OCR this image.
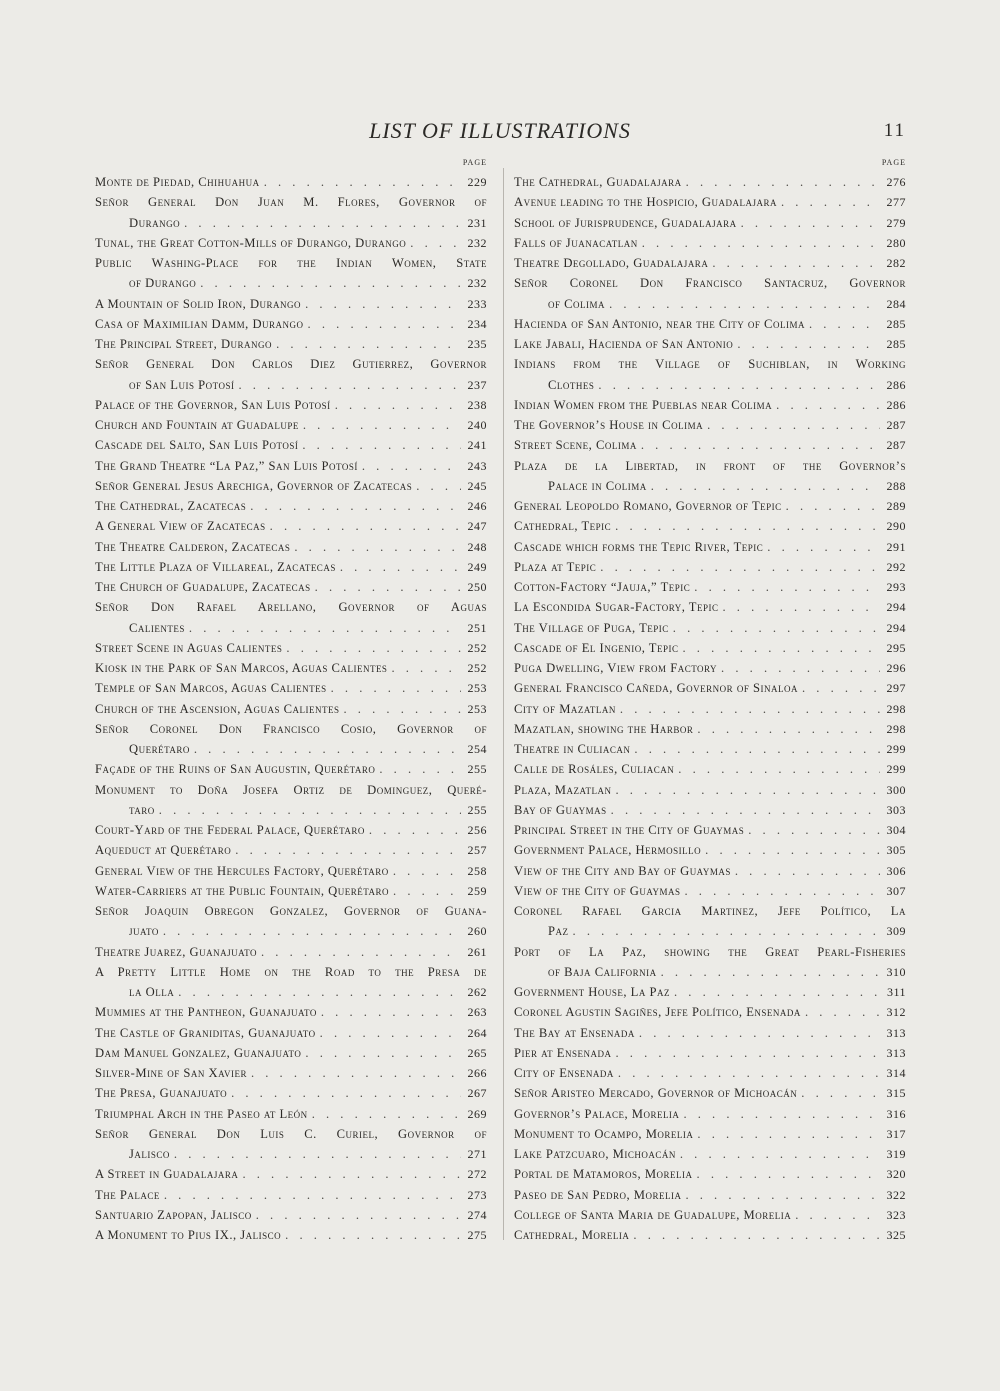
LIST OF ILLUSTRATIONS	11
PAGE
Monte de Piedad, Chihuahua . . .	229
Señor General Don Juan M. Flores, Governor of
Durango . . .	231
Tunal, the Great Cotton-Mills of Durango, Durango . . .	232
Public Washing-Place for the Indian Women, State
of Durango . . .	232
A Mountain of Solid Iron, Durango . . .	233
Casa of Maximilian Damm, Durango . . .	234
The Principal Street, Durango . . .	235
Señor General Don Carlos Diez Gutierrez, Governor
of San Luis Potosí . . .	237
Palace of the Governor, San Luis Potosí . . .	238
Church and Fountain at Guadalupe . . .	240
Cascade del Salto, San Luis Potosí . . .	241
The Grand Theatre “La Paz,” San Luis Potosí . . .	243
Señor General Jesus Arechiga, Governor of Zacatecas . . .	245
The Cathedral, Zacatecas . . .	246
A General View of Zacatecas . . .	247
The Theatre Calderon, Zacatecas . . .	248
The Little Plaza of Villareal, Zacatecas . . .	249
The Church of Guadalupe, Zacatecas . . .	250
Señor Don Rafael Arellano, Governor of Aguas
Calientes . . .	251
Street Scene in Aguas Calientes . . .	252
Kiosk in the Park of San Marcos, Aguas Calientes . . .	252
Temple of San Marcos, Aguas Calientes . . .	253
Church of the Ascension, Aguas Calientes . . .	253
Señor Coronel Don Francisco Cosio, Governor of
Querétaro . . .	254
Façade of the Ruins of San Augustin, Querétaro . . .	255
Monument to Doña Josefa Ortiz de Dominguez, Queré-
taro . . .	255
Court-Yard of the Federal Palace, Querétaro . . .	256
Aqueduct at Querétaro . . .	257
General View of the Hercules Factory, Querétaro . . .	258
Water-Carriers at the Public Fountain, Querétaro . . .	259
Señor Joaquin Obregon Gonzalez, Governor of Guana-
juato . . .	260
Theatre Juarez, Guanajuato . . .	261
A Pretty Little Home on the Road to the Presa de
la Olla . . .	262
Mummies at the Pantheon, Guanajuato . . .	263
The Castle of Graniditas, Guanajuato . . .	264
Dam Manuel Gonzalez, Guanajuato . . .	265
Silver-Mine of San Xavier . . .	266
The Presa, Guanajuato . . .	267
Triumphal Arch in the Paseo at León . . .	269
Señor General Don Luis C. Curiel, Governor of
Jalisco . . .	271
A Street in Guadalajara . . .	272
The Palace . . .	273
Santuario Zapopan, Jalisco . . .	274
A Monument to Pius IX., Jalisco . . .	275
PAGE
The Cathedral, Guadalajara . . .	276
Avenue leading to the Hospicio, Guadalajara . . .	277
School of Jurisprudence, Guadalajara . . .	279
Falls of Juanacatlan . . .	280
Theatre Degollado, Guadalajara . . .	282
Señor Coronel Don Francisco Santacruz, Governor
of Colima . . .	284
Hacienda of San Antonio, near the City of Colima . . .	285
Lake Jabali, Hacienda of San Antonio . . .	285
Indians from the Village of Suchiblan, in Working
Clothes . . .	286
Indian Women from the Pueblas near Colima . . .	286
The Governor’s House in Colima . . .	287
Street Scene, Colima . . .	287
Plaza de la Libertad, in front of the Governor’s
Palace in Colima . . .	288
General Leopoldo Romano, Governor of Tepic . . .	289
Cathedral, Tepic . . .	290
Cascade which forms the Tepic River, Tepic . . .	291
Plaza at Tepic . . .	292
Cotton-Factory “Jauja,” Tepic . . .	293
La Escondida Sugar-Factory, Tepic . . .	294
The Village of Puga, Tepic . . .	294
Cascade of El Ingenio, Tepic . . .	295
Puga Dwelling, View from Factory . . .	296
General Francisco Cañeda, Governor of Sinaloa . . .	297
City of Mazatlan . . .	298
Mazatlan, showing the Harbor . . .	298
Theatre in Culiacan . . .	299
Calle de Rosáles, Culiacan . . .	299
Plaza, Mazatlan . . .	300
Bay of Guaymas . . .	303
Principal Street in the City of Guaymas . . .	304
Government Palace, Hermosillo . . .	305
View of the City and Bay of Guaymas . . .	306
View of the City of Guaymas . . .	307
Coronel Rafael Garcia Martinez, Jefe Político, La
Paz . . .	309
Port of La Paz, showing the Great Pearl-Fisheries
of Baja California . . .	310
Government House, La Paz . . .	311
Coronel Agustin Sagiñes, Jefe Político, Ensenada . . .	312
The Bay at Ensenada . . .	313
Pier at Ensenada . . .	313
City of Ensenada . . .	314
Señor Aristeo Mercado, Governor of Michoacán . . .	315
Governor’s Palace, Morelia . . .	316
Monument to Ocampo, Morelia . . .	317
Lake Patzcuaro, Michoacán . . .	319
Portal de Matamoros, Morelia . . .	320
Paseo de San Pedro, Morelia . . .	322
College of Santa Maria de Guadalupe, Morelia . . .	323
Cathedral, Morelia . . .	325
